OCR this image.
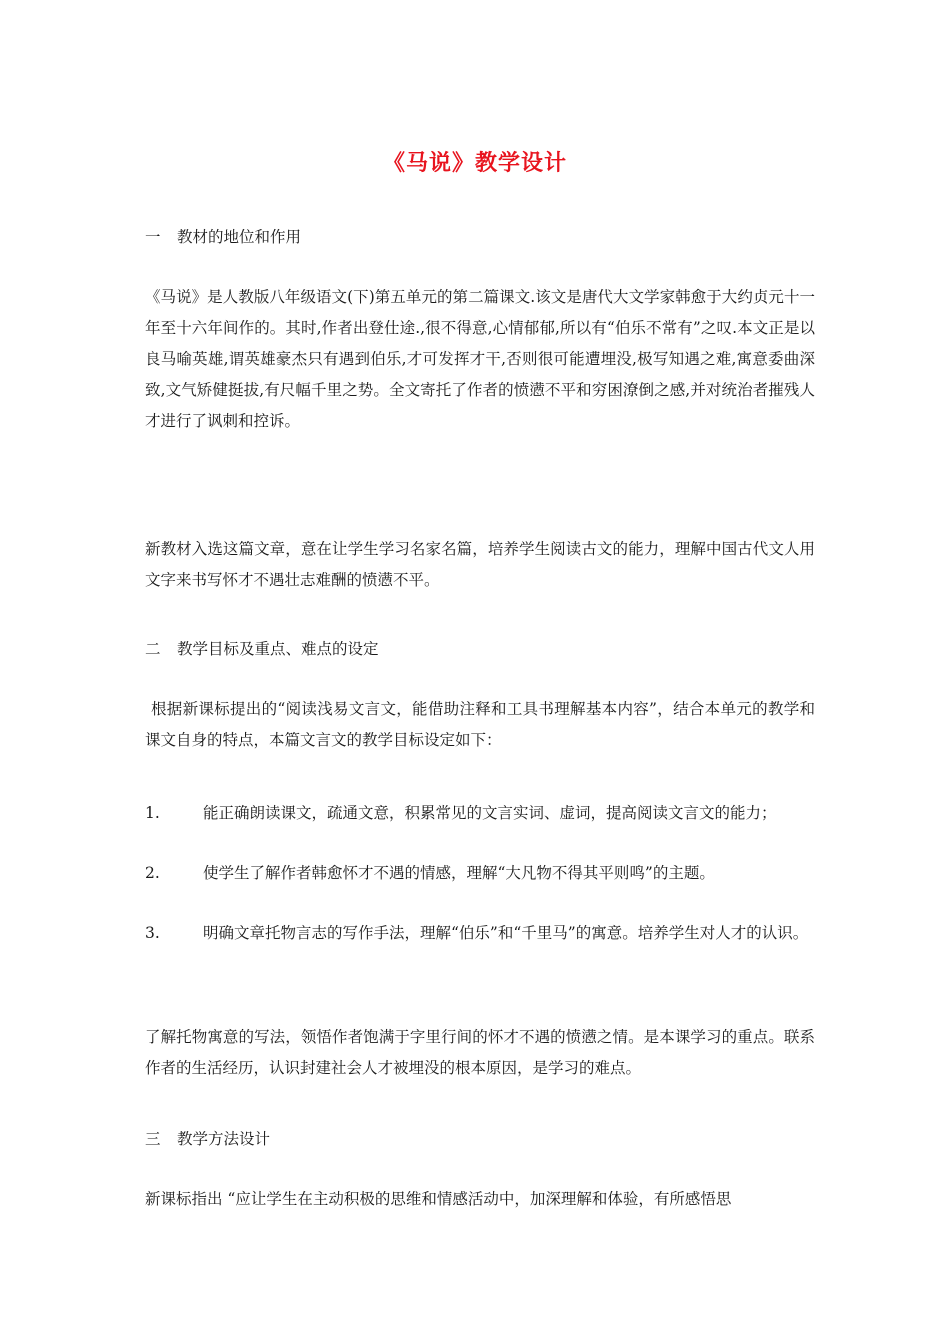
《马说》教学设计
一 教材的地位和作用
《马说》是人教版八年级语文(下)第五单元的第二篇课文.该文是唐代大文学家韩愈于大约贞元十一年至十六年间作的。其时,作者出登仕途.,很不得意,心情郁郁,所以有“伯乐不常有”之叹.本文正是以良马喻英雄,谓英雄豪杰只有遇到伯乐,才可发挥才干,否则很可能遭埋没,极写知遇之难,寓意委曲深致,文气矫健挺拔,有尺幅千里之势。全文寄托了作者的愤懑不平和穷困潦倒之感,并对统治者摧残人才进行了讽刺和控诉。
新教材入选这篇文章，意在让学生学习名家名篇，培养学生阅读古文的能力，理解中国古代文人用文字来书写怀才不遇壮志难酬的愤懑不平。
二 教学目标及重点、难点的设定
根据新课标提出的“阅读浅易文言文，能借助注释和工具书理解基本内容”，结合本单元的教学和课文自身的特点，本篇文言文的教学目标设定如下：
1.	能正确朗读课文，疏通文意，积累常见的文言实词、虚词，提高阅读文言文的能力；
2.	使学生了解作者韩愈怀才不遇的情感，理解“大凡物不得其平则鸣”的主题。
3.	明确文章托物言志的写作手法，理解“伯乐”和“千里马”的寓意。培养学生对人才的认识。
了解托物寓意的写法，领悟作者饱满于字里行间的怀才不遇的愤懑之情。是本课学习的重点。联系作者的生活经历，认识封建社会人才被埋没的根本原因，是学习的难点。
三 教学方法设计
新课标指出 “应让学生在主动积极的思维和情感活动中，加深理解和体验，有所感悟思
